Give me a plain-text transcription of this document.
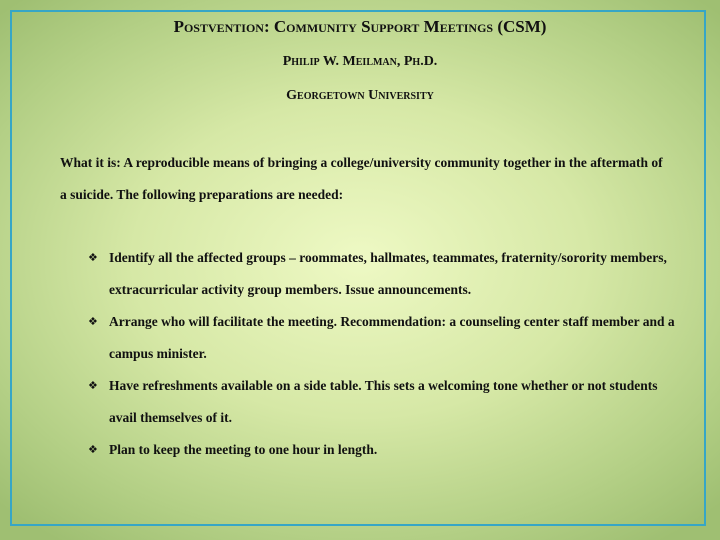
Postvention: Community Support Meetings (CSM)

Philip W. Meilman, Ph.D.

Georgetown University

What it is: A reproducible means of bringing a college/university community together in the aftermath of a suicide. The following preparations are needed:

❖ Identify all the affected groups – roommates, hallmates, teammates, fraternity/sorority members, extracurricular activity group members. Issue announcements.
❖ Arrange who will facilitate the meeting. Recommendation: a counseling center staff member and a campus minister.
❖ Have refreshments available on a side table. This sets a welcoming tone whether or not students avail themselves of it.
❖ Plan to keep the meeting to one hour in length.
